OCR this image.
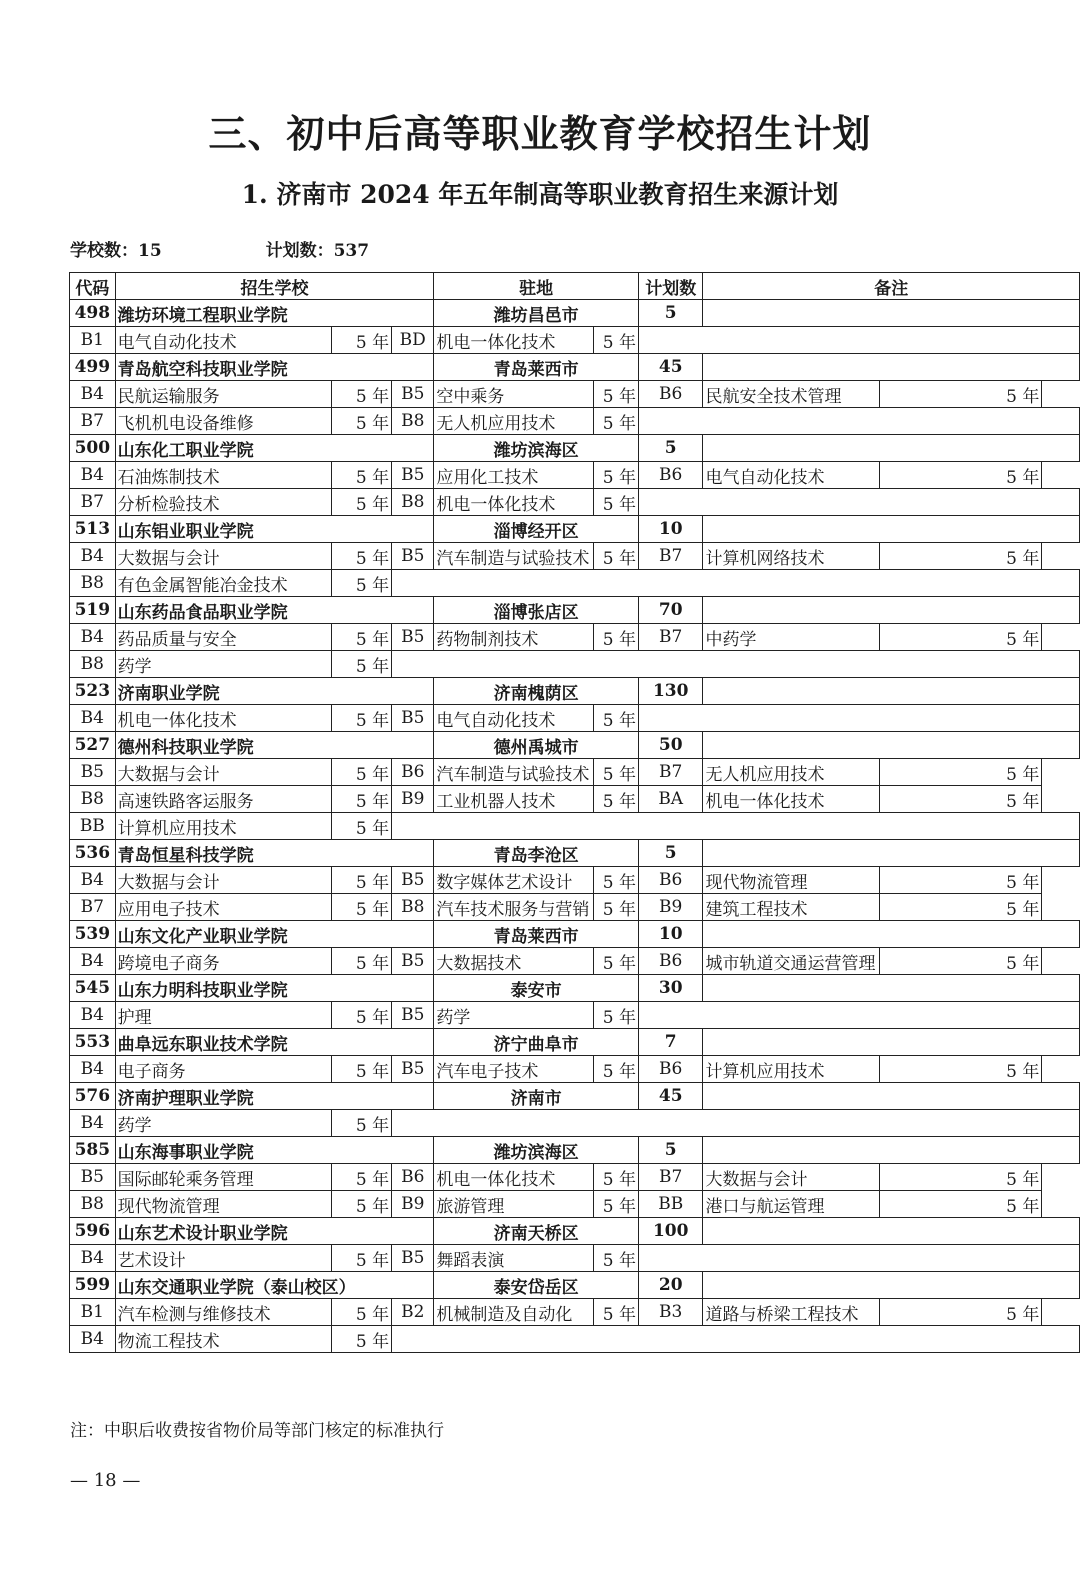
三、初中后高等职业教育学校招生计划
1. 济南市 2024 年五年制高等职业教育招生来源计划
学校数：15	计划数：537
代码	招生学校			驻地		计划数	备注	
498	潍坊环境工程职业学院			潍坊昌邑市		5		
B1	电气自动化技术	5 年	BD	机电一体化技术	5 年			
499	青岛航空科技职业学院			青岛莱西市		45		
B4	民航运输服务	5 年	B5	空中乘务	5 年	B6	民航安全技术管理	5 年
B7	飞机机电设备维修	5 年	B8	无人机应用技术	5 年			
500	山东化工职业学院			潍坊滨海区		5		
B4	石油炼制技术	5 年	B5	应用化工技术	5 年	B6	电气自动化技术	5 年
B7	分析检验技术	5 年	B8	机电一体化技术	5 年			
513	山东铝业职业学院			淄博经开区		10		
B4	大数据与会计	5 年	B5	汽车制造与试验技术	5 年	B7	计算机网络技术	5 年
B8	有色金属智能冶金技术	5 年						
519	山东药品食品职业学院			淄博张店区		70		
B4	药品质量与安全	5 年	B5	药物制剂技术	5 年	B7	中药学	5 年
B8	药学	5 年						
523	济南职业学院			济南槐荫区		130		
B4	机电一体化技术	5 年	B5	电气自动化技术	5 年			
527	德州科技职业学院			德州禹城市		50		
B5	大数据与会计	5 年	B6	汽车制造与试验技术	5 年	B7	无人机应用技术	5 年
B8	高速铁路客运服务	5 年	B9	工业机器人技术	5 年	BA	机电一体化技术	5 年
BB	计算机应用技术	5 年						
536	青岛恒星科技学院			青岛李沧区		5		
B4	大数据与会计	5 年	B5	数字媒体艺术设计	5 年	B6	现代物流管理	5 年
B7	应用电子技术	5 年	B8	汽车技术服务与营销	5 年	B9	建筑工程技术	5 年
539	山东文化产业职业学院			青岛莱西市		10		
B4	跨境电子商务	5 年	B5	大数据技术	5 年	B6	城市轨道交通运营管理	5 年
545	山东力明科技职业学院			泰安市		30		
B4	护理	5 年	B5	药学	5 年			
553	曲阜远东职业技术学院			济宁曲阜市		7		
B4	电子商务	5 年	B5	汽车电子技术	5 年	B6	计算机应用技术	5 年
576	济南护理职业学院			济南市		45		
B4	药学	5 年						
585	山东海事职业学院			潍坊滨海区		5		
B5	国际邮轮乘务管理	5 年	B6	机电一体化技术	5 年	B7	大数据与会计	5 年
B8	现代物流管理	5 年	B9	旅游管理	5 年	BB	港口与航运管理	5 年
596	山东艺术设计职业学院			济南天桥区		100		
B4	艺术设计	5 年	B5	舞蹈表演	5 年			
599	山东交通职业学院（泰山校区）			泰安岱岳区		20		
B1	汽车检测与维修技术	5 年	B2	机械制造及自动化	5 年	B3	道路与桥梁工程技术	5 年
B4	物流工程技术	5 年						
注：中职后收费按省物价局等部门核定的标准执行
— 18 —
